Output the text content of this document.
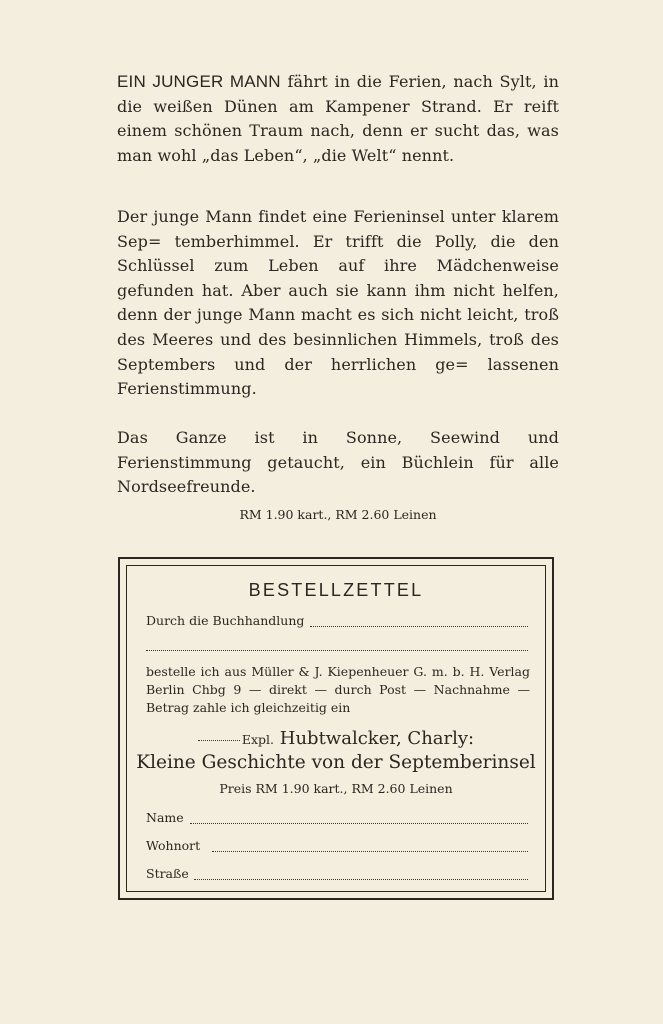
EIN JUNGER MANN fährt in die Ferien, nach Sylt, in die weißen Dünen am Kampener Strand. Er reift einem schönen Traum nach, denn er sucht das, was man wohl „das Leben“, „die Welt“ nennt.
Der junge Mann findet eine Ferieninsel unter klarem Sep= temberhimmel. Er trifft die Polly, die den Schlüssel zum Leben auf ihre Mädchenweise gefunden hat. Aber auch sie kann ihm nicht helfen, denn der junge Mann macht es sich nicht leicht, troß des Meeres und des besinnlichen Himmels, troß des Septembers und der herrlichen ge= lassenen Ferienstimmung.
Das Ganze ist in Sonne, Seewind und Ferienstimmung getaucht, ein Büchlein für alle Nordseefreunde.
RM 1.90 kart., RM 2.60 Leinen
BESTELLZETTEL
Durch die Buchhandlung
bestelle ich aus Müller & J. Kiepenheuer G. m. b. H. Verlag Berlin Chbg 9 — direkt — durch Post — Nachnahme — Betrag zahle ich gleichzeitig ein
Expl. Hubtwalcker, Charly:
Kleine Geschichte von der Septemberinsel
Preis RM 1.90 kart., RM 2.60 Leinen
Name
Wohnort
Straße
